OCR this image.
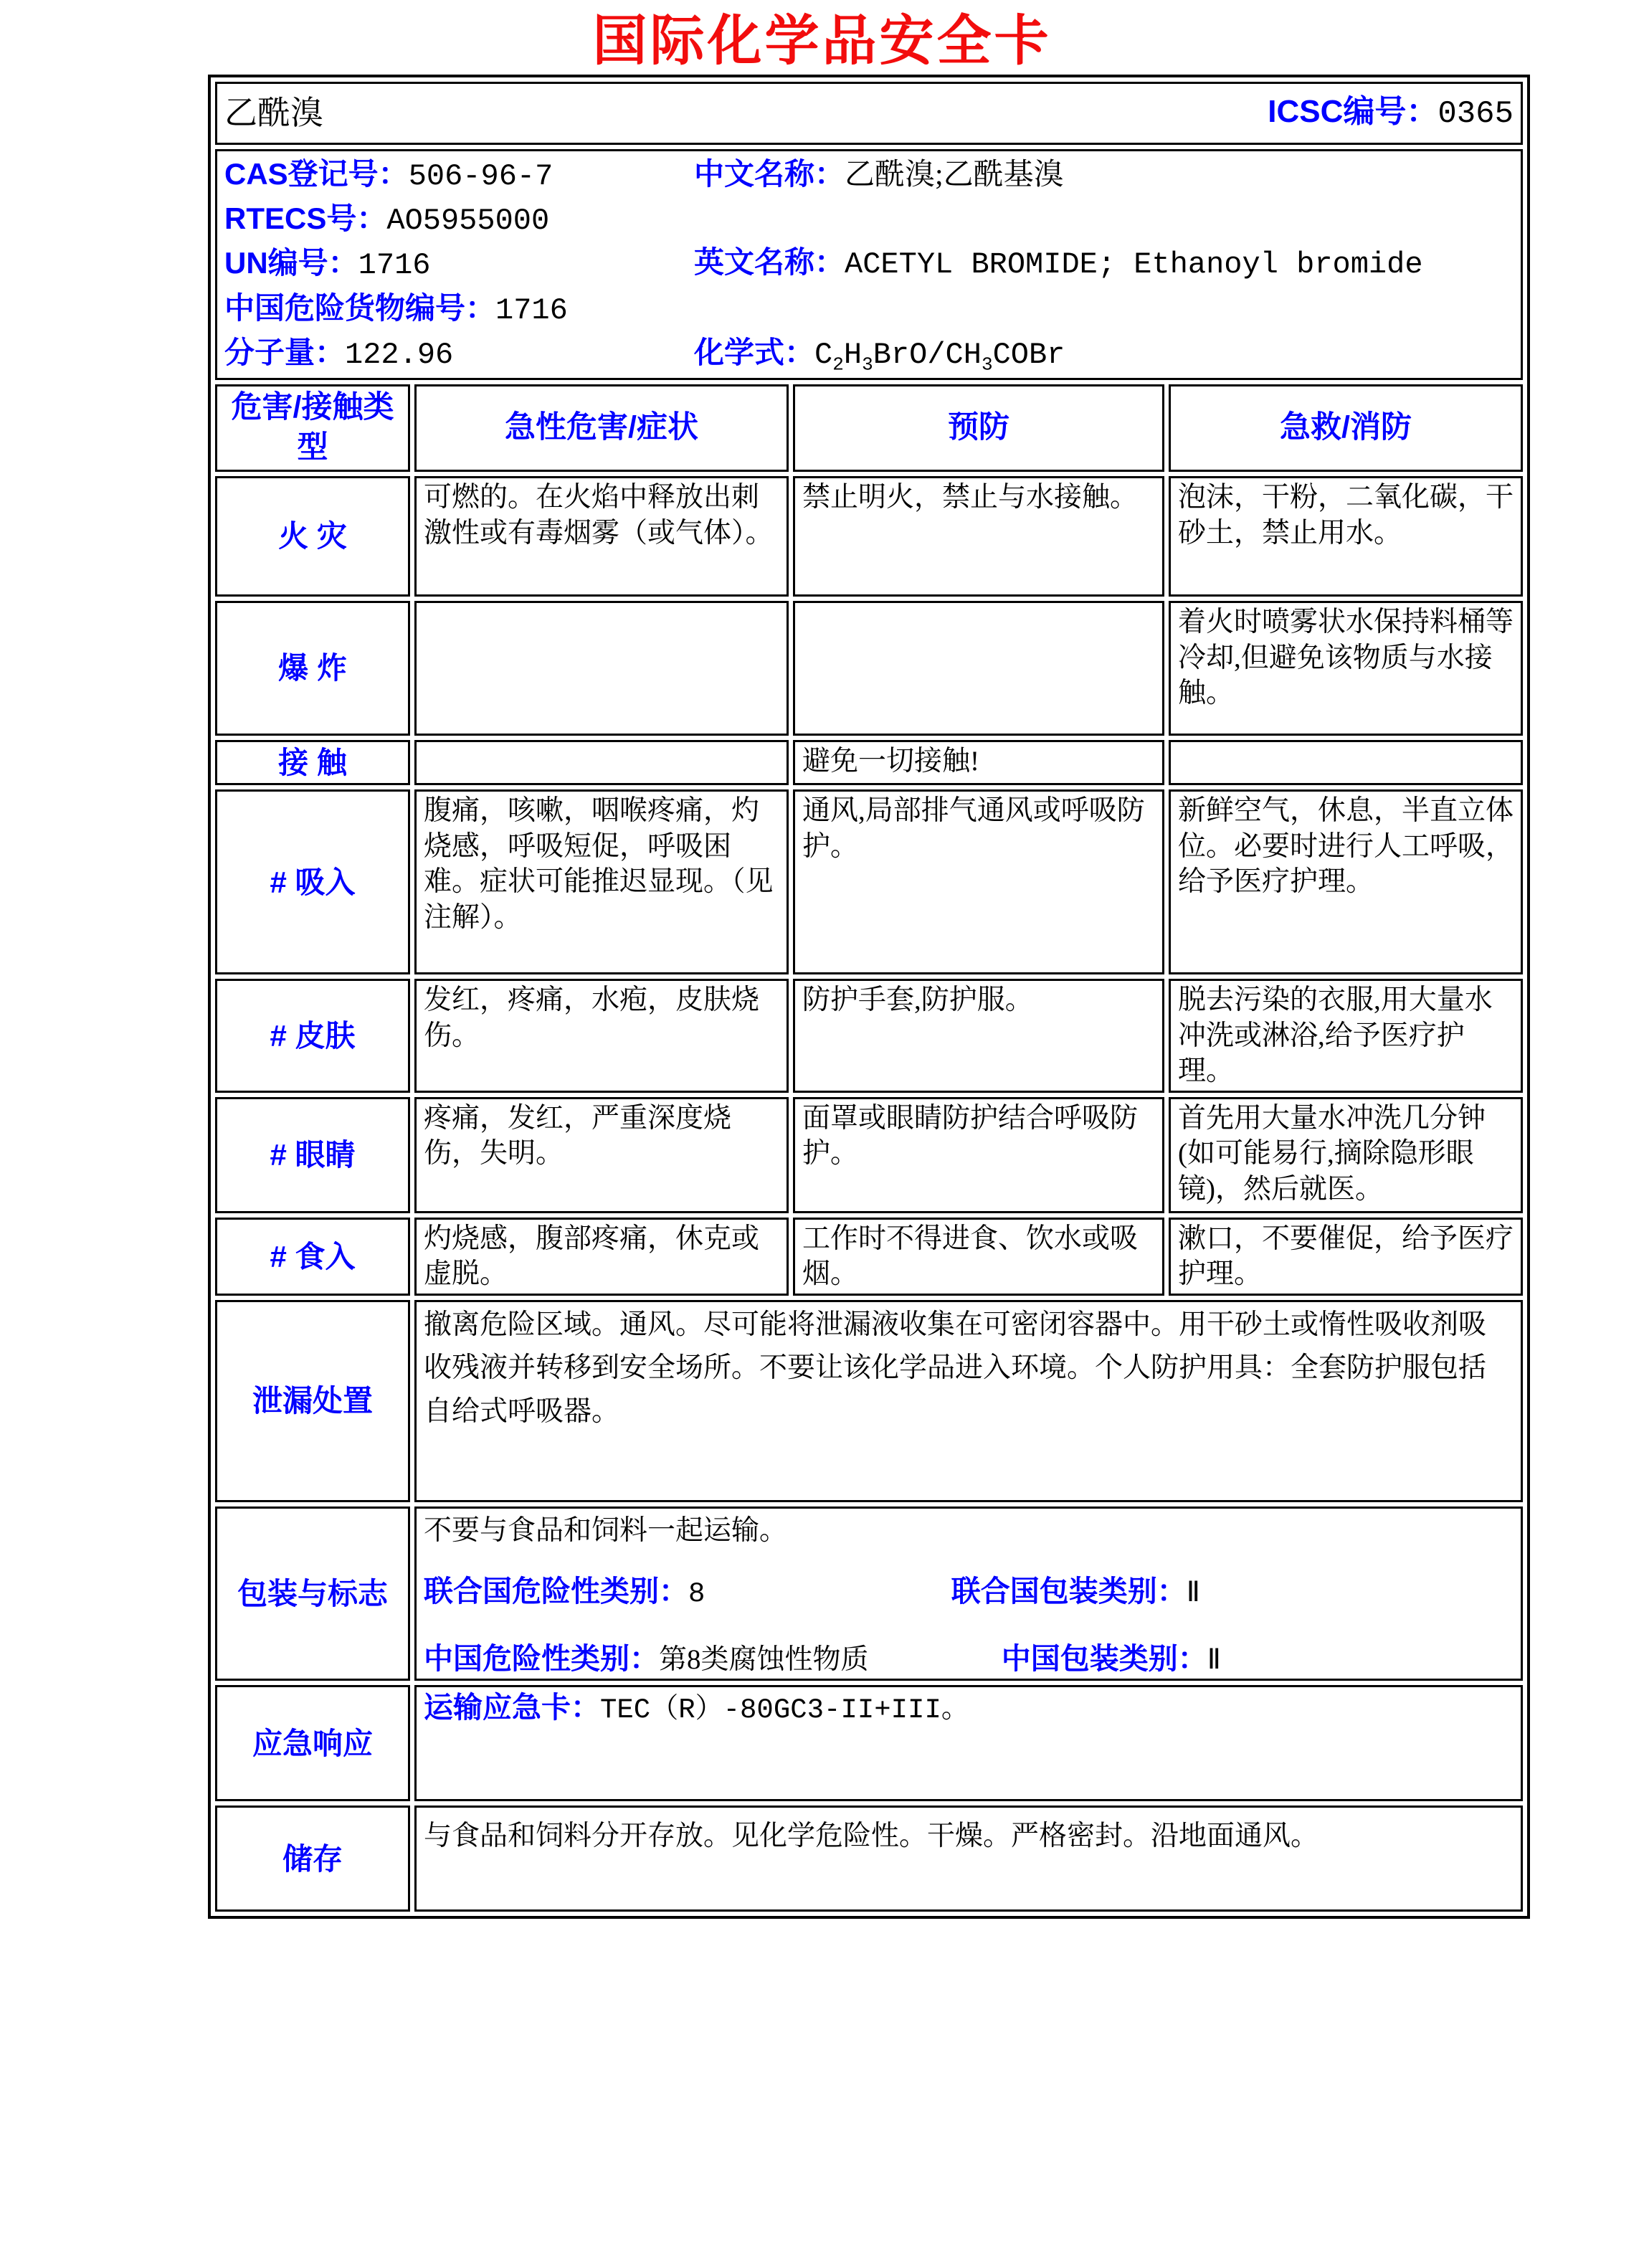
国际化学品安全卡
乙酰溴 ICSC编号：0365			

CAS登记号：506-96-7
RTECS号：AO5955000
UN编号：1716
中国危险货物编号：1716
分子量：122.96
中文名称：乙酰溴;乙酰基溴
英文名称：ACETYL BROMIDE; Ethanoyl bromide
化学式：$C_2H_3BrO/CH_3COBr$

危害/接触类型	急性危害/症状	预防	急救/消防
火 灾	可燃的。在火焰中释放出刺激性或有毒烟雾（或气体）。	禁止明火，禁止与水接触。	泡沫，干粉，二氧化碳，干砂土，禁止用水。
爆 炸			着火时喷雾状水保持料桶等冷却,但避免该物质与水接触。
接 触		避免一切接触!	
# 吸入	腹痛，咳嗽，咽喉疼痛，灼烧感，呼吸短促，呼吸困难。症状可能推迟显现。（见注解）。	通风,局部排气通风或呼吸防护。	新鲜空气，休息，半直立体位。必要时进行人工呼吸，给予医疗护理。
# 皮肤	发红，疼痛，水疱，皮肤烧伤。	防护手套,防护服。	脱去污染的衣服,用大量水冲洗或淋浴,给予医疗护理。
# 眼睛	疼痛，发红，严重深度烧伤，失明。	面罩或眼睛防护结合呼吸防护。	首先用大量水冲洗几分钟(如可能易行,摘除隐形眼镜)，然后就医。
# 食入	灼烧感，腹部疼痛，休克或虚脱。	工作时不得进食、饮水或吸烟。	漱口，不要催促，给予医疗护理。
泄漏处置	撤离危险区域。通风。尽可能将泄漏液收集在可密闭容器中。用干砂土或惰性吸收剂吸收残液并转移到安全场所。不要让该化学品进入环境。个人防护用具：全套防护服包括自给式呼吸器。		
包装与标志	不要与食品和饲料一起运输。
联合国危险性类别：8 联合国包装类别：Ⅱ
中国危险性类别：第8类腐蚀性物质 中国包装类别：Ⅱ		

应急响应	运输应急卡：TEC（R）-80GC3-II+III。		

储存	与食品和饲料分开存放。见化学危险性。干燥。严格密封。沿地面通风。		
